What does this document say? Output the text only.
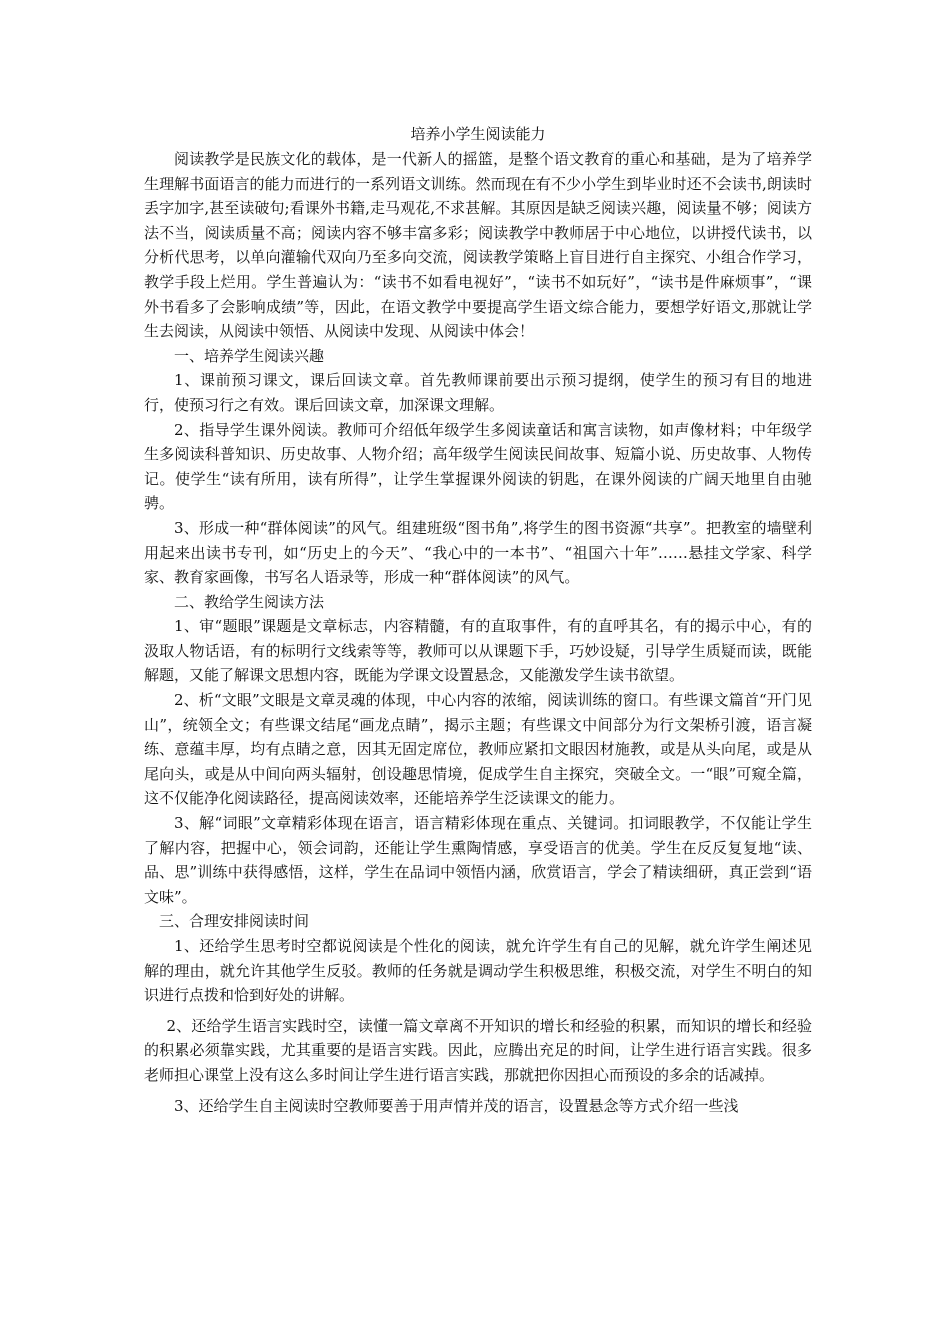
培养小学生阅读能力

阅读教学是民族文化的载体，是一代新人的摇篮，是整个语文教育的重心和基础，是为了培养学生理解书面语言的能力而进行的一系列语文训练。然而现在有不少小学生到毕业时还不会读书,朗读时丢字加字,甚至读破句;看课外书籍,走马观花,不求甚解。其原因是缺乏阅读兴趣，阅读量不够；阅读方法不当，阅读质量不高；阅读内容不够丰富多彩；阅读教学中教师居于中心地位，以讲授代读书，以分析代思考，以单向灌输代双向乃至多向交流，阅读教学策略上盲目进行自主探究、小组合作学习，教学手段上烂用。学生普遍认为：“读书不如看电视好”，“读书不如玩好”，“读书是件麻烦事”，“课外书看多了会影响成绩”等，因此，在语文教学中要提高学生语文综合能力，要想学好语文,那就让学生去阅读，从阅读中领悟、从阅读中发现、从阅读中体会！

一、培养学生阅读兴趣

1、课前预习课文，课后回读文章。首先教师课前要出示预习提纲，使学生的预习有目的地进行，使预习行之有效。课后回读文章，加深课文理解。

2、指导学生课外阅读。教师可介绍低年级学生多阅读童话和寓言读物，如声像材料；中年级学生多阅读科普知识、历史故事、人物介绍；高年级学生阅读民间故事、短篇小说、历史故事、人物传记。使学生“读有所用，读有所得”，让学生掌握课外阅读的钥匙，在课外阅读的广阔天地里自由驰骋。

3、形成一种“群体阅读”的风气。组建班级“图书角”,将学生的图书资源“共享”。把教室的墙壁利用起来出读书专刊，如“历史上的今天”、“我心中的一本书”、“祖国六十年”……悬挂文学家、科学家、教育家画像，书写名人语录等，形成一种“群体阅读”的风气。

二、教给学生阅读方法

1、审“题眼”课题是文章标志，内容精髓，有的直取事件，有的直呼其名，有的揭示中心，有的汲取人物话语，有的标明行文线索等等，教师可以从课题下手，巧妙设疑，引导学生质疑而读，既能解题，又能了解课文思想内容，既能为学课文设置悬念，又能激发学生读书欲望。

2、析“文眼”文眼是文章灵魂的体现，中心内容的浓缩，阅读训练的窗口。有些课文篇首“开门见山”，统领全文；有些课文结尾“画龙点睛”，揭示主题；有些课文中间部分为行文架桥引渡，语言凝练、意蕴丰厚，均有点睛之意，因其无固定席位，教师应紧扣文眼因材施教，或是从头向尾，或是从尾向头，或是从中间向两头辐射，创设趣思情境，促成学生自主探究，突破全文。一“眼”可窥全篇，这不仅能净化阅读路径，提高阅读效率，还能培养学生泛读课文的能力。

3、解“词眼”文章精彩体现在语言，语言精彩体现在重点、关键词。扣词眼教学，不仅能让学生了解内容，把握中心，领会词韵，还能让学生熏陶情感，享受语言的优美。学生在反反复复地“读、品、思”训练中获得感悟，这样，学生在品词中领悟内涵，欣赏语言，学会了精读细研，真正尝到“语文味”。

三、合理安排阅读时间

1、还给学生思考时空都说阅读是个性化的阅读，就允许学生有自己的见解，就允许学生阐述见解的理由，就允许其他学生反驳。教师的任务就是调动学生积极思维，积极交流，对学生不明白的知识进行点拨和恰到好处的讲解。

2、还给学生语言实践时空，读懂一篇文章离不开知识的增长和经验的积累，而知识的增长和经验的积累必须靠实践，尤其重要的是语言实践。因此，应腾出充足的时间，让学生进行语言实践。很多老师担心课堂上没有这么多时间让学生进行语言实践，那就把你因担心而预设的多余的话减掉。

3、还给学生自主阅读时空教师要善于用声情并茂的语言，设置悬念等方式介绍一些浅
